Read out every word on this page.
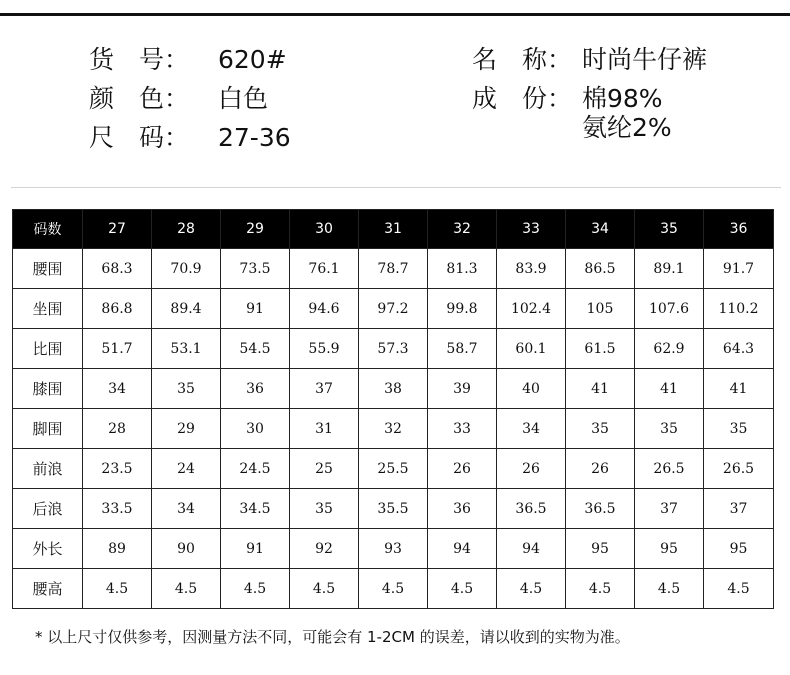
货　号： 620#
颜　色： 白色
尺　码： 27-36
名　称： 时尚牛仔裤
成　份： 棉98%
氨纶2%
码数	27	28	29	30	31	32	33	34	35	36
腰围	68.3	70.9	73.5	76.1	78.7	81.3	83.9	86.5	89.1	91.7
坐围	86.8	89.4	91	94.6	97.2	99.8	102.4	105	107.6	110.2
比围	51.7	53.1	54.5	55.9	57.3	58.7	60.1	61.5	62.9	64.3
膝围	34	35	36	37	38	39	40	41	41	41
脚围	28	29	30	31	32	33	34	35	35	35
前浪	23.5	24	24.5	25	25.5	26	26	26	26.5	26.5
后浪	33.5	34	34.5	35	35.5	36	36.5	36.5	37	37
外长	89	90	91	92	93	94	94	95	95	95
腰高	4.5	4.5	4.5	4.5	4.5	4.5	4.5	4.5	4.5	4.5
* 以上尺寸仅供参考，因测量方法不同，可能会有 1-2CM 的误差，请以收到的实物为准。
